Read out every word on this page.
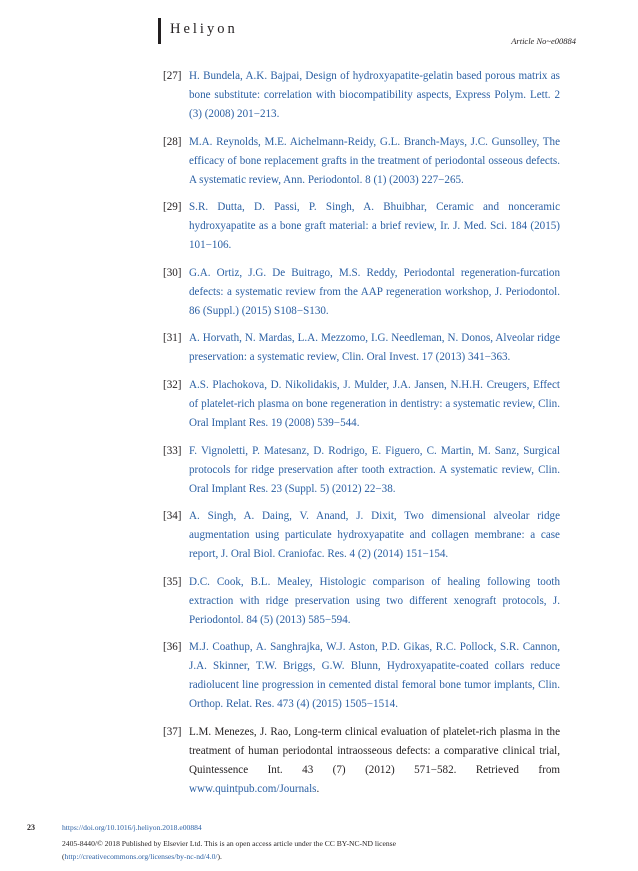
Heliyon
Article No~e00884
[27] H. Bundela, A.K. Bajpai, Design of hydroxyapatite-gelatin based porous matrix as bone substitute: correlation with biocompatibility aspects, Express Polym. Lett. 2 (3) (2008) 201−213.
[28] M.A. Reynolds, M.E. Aichelmann-Reidy, G.L. Branch-Mays, J.C. Gunsolley, The efficacy of bone replacement grafts in the treatment of periodontal osseous defects. A systematic review, Ann. Periodontol. 8 (1) (2003) 227−265.
[29] S.R. Dutta, D. Passi, P. Singh, A. Bhuibhar, Ceramic and nonceramic hydroxyapatite as a bone graft material: a brief review, Ir. J. Med. Sci. 184 (2015) 101−106.
[30] G.A. Ortiz, J.G. De Buitrago, M.S. Reddy, Periodontal regeneration-furcation defects: a systematic review from the AAP regeneration workshop, J. Periodontol. 86 (Suppl.) (2015) S108−S130.
[31] A. Horvath, N. Mardas, L.A. Mezzomo, I.G. Needleman, N. Donos, Alveolar ridge preservation: a systematic review, Clin. Oral Invest. 17 (2013) 341−363.
[32] A.S. Plachokova, D. Nikolidakis, J. Mulder, J.A. Jansen, N.H.H. Creugers, Effect of platelet-rich plasma on bone regeneration in dentistry: a systematic review, Clin. Oral Implant Res. 19 (2008) 539−544.
[33] F. Vignoletti, P. Matesanz, D. Rodrigo, E. Figuero, C. Martin, M. Sanz, Surgical protocols for ridge preservation after tooth extraction. A systematic review, Clin. Oral Implant Res. 23 (Suppl. 5) (2012) 22−38.
[34] A. Singh, A. Daing, V. Anand, J. Dixit, Two dimensional alveolar ridge augmentation using particulate hydroxyapatite and collagen membrane: a case report, J. Oral Biol. Craniofac. Res. 4 (2) (2014) 151−154.
[35] D.C. Cook, B.L. Mealey, Histologic comparison of healing following tooth extraction with ridge preservation using two different xenograft protocols, J. Periodontol. 84 (5) (2013) 585−594.
[36] M.J. Coathup, A. Sanghrajka, W.J. Aston, P.D. Gikas, R.C. Pollock, S.R. Cannon, J.A. Skinner, T.W. Briggs, G.W. Blunn, Hydroxyapatite-coated collars reduce radiolucent line progression in cemented distal femoral bone tumor implants, Clin. Orthop. Relat. Res. 473 (4) (2015) 1505−1514.
[37] L.M. Menezes, J. Rao, Long-term clinical evaluation of platelet-rich plasma in the treatment of human periodontal intraosseous defects: a comparative clinical trial, Quintessence Int. 43 (7) (2012) 571−582. Retrieved from www.quintpub.com/Journals.
23	https://doi.org/10.1016/j.heliyon.2018.e00884
2405-8440/© 2018 Published by Elsevier Ltd. This is an open access article under the CC BY-NC-ND license
(http://creativecommons.org/licenses/by-nc-nd/4.0/).
